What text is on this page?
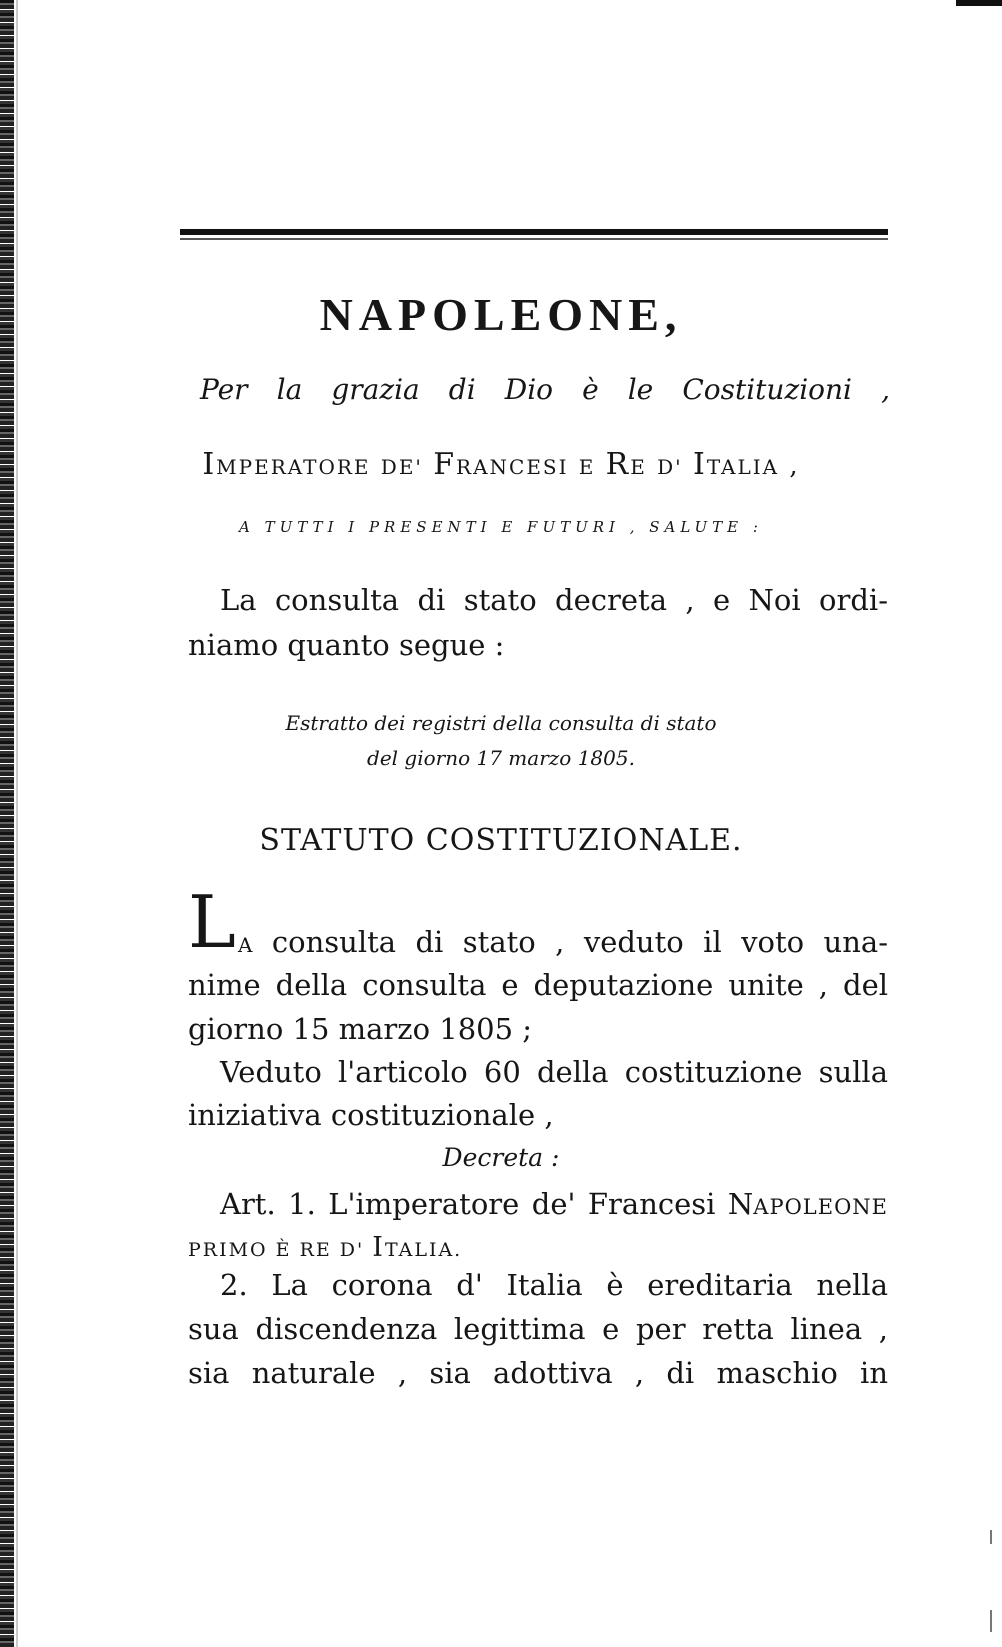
NAPOLEONE,
Per la grazia di Dio è le Costituzioni ,
IMPERATORE DE' FRANCESI E RE D' ITALIA ,
A TUTTI I PRESENTI E FUTURI , SALUTE :
La consulta di stato decreta , e Noi ordi-
niamo quanto segue :
Estratto dei registri della consulta di stato
del giorno 17 marzo 1805.
STATUTO COSTITUZIONALE.
L A consulta di stato , veduto il voto una-
nime della consulta e deputazione unite , del
giorno 15 marzo 1805 ;
Veduto l'articolo 60 della costituzione sulla
iniziativa costituzionale ,
Decreta :
Art. 1. L'imperatore de' Francesi NAPOLEONE
PRIMO È RE D' ITALIA.
2. La corona d' Italia è ereditaria nella
sua discendenza legittima e per retta linea ,
sia naturale , sia adottiva , di maschio in
